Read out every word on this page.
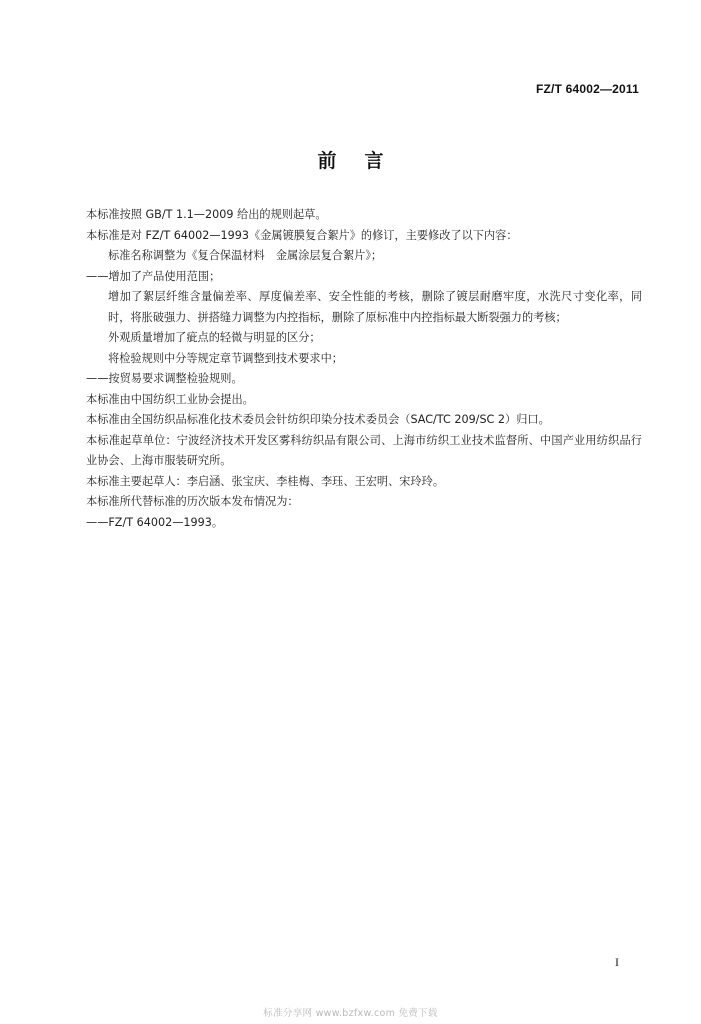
FZ/T 64002—2011
前言
本标准按照 GB/T 1.1—2009 给出的规则起草。
本标准是对 FZ/T 64002—1993《金属镀膜复合絮片》的修订，主要修改了以下内容：
标准名称调整为《复合保温材料　金属涂层复合絮片》；
——增加了产品使用范围；
增加了絮层纤维含量偏差率、厚度偏差率、安全性能的考核，删除了镀层耐磨牢度，水洗尺寸变化率，同时，将胀破强力、拼搭缝力调整为内控指标，删除了原标准中内控指标最大断裂强力的考核；
外观质量增加了疵点的轻微与明显的区分；
将检验规则中分等规定章节调整到技术要求中；
——按贸易要求调整检验规则。
本标准由中国纺织工业协会提出。
本标准由全国纺织品标准化技术委员会针纺织印染分技术委员会（SAC/TC 209/SC 2）归口。
本标准起草单位：宁波经济技术开发区雾科纺织品有限公司、上海市纺织工业技术监督所、中国产业用纺织品行业协会、上海市服装研究所。
本标准主要起草人：李启涵、张宝庆、李桂梅、李珏、王宏明、宋玲玲。
本标准所代替标准的历次版本发布情况为：
——FZ/T 64002—1993。
I
标准分享网 www.bzfxw.com 免费下载
